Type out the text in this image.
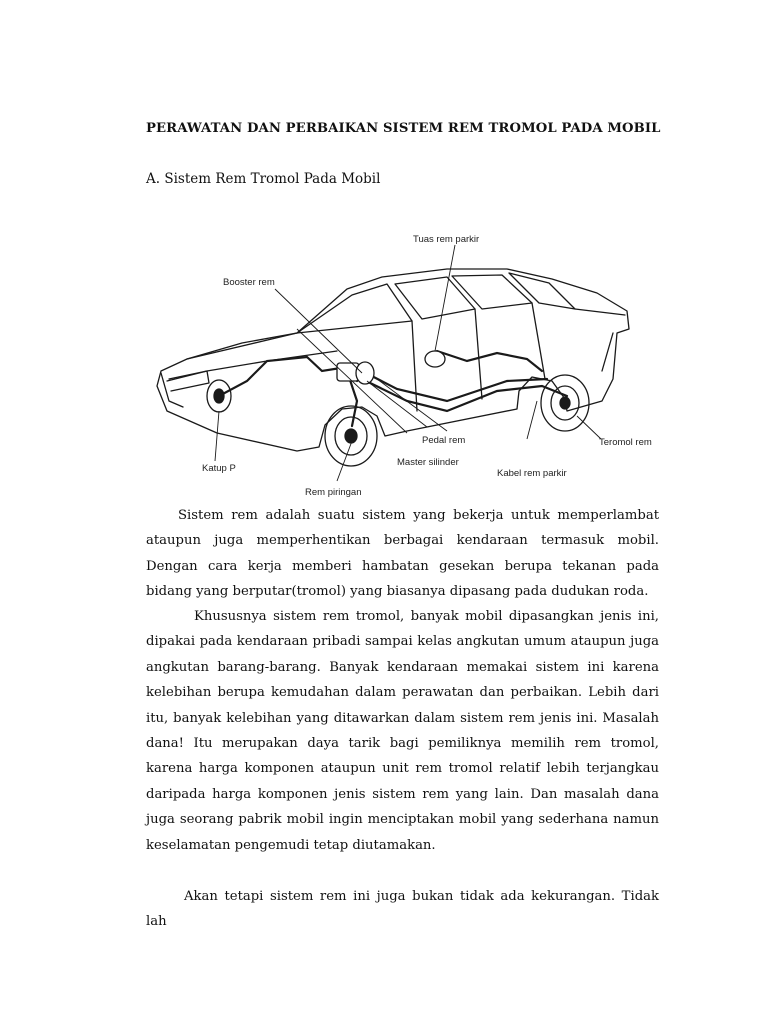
PERAWATAN DAN PERBAIKAN SISTEM REM TROMOL PADA MOBIL
A. Sistem Rem Tromol Pada Mobil
Tuas rem parkir
Booster rem
Pedal rem
Master silinder
Teromol rem
Kabel rem parkir
Katup P
Rem piringan

Sistem rem adalah suatu sistem yang bekerja untuk memperlambat ataupun juga memperhentikan berbagai kendaraan termasuk mobil. Dengan cara kerja memberi hambatan gesekan berupa tekanan pada bidang yang berputar(tromol) yang biasanya dipasang pada dudukan roda.

Khususnya sistem rem tromol, banyak mobil dipasangkan jenis ini, dipakai pada kendaraan pribadi sampai kelas angkutan umum ataupun juga angkutan barang-barang. Banyak kendaraan memakai sistem ini karena kelebihan berupa kemudahan dalam perawatan dan perbaikan. Lebih dari itu, banyak kelebihan yang ditawarkan dalam sistem rem jenis ini. Masalah dana! Itu merupakan daya tarik bagi pemiliknya memilih rem tromol, karena harga komponen ataupun unit rem tromol relatif lebih terjangkau daripada harga komponen jenis sistem rem yang lain. Dan masalah dana juga seorang pabrik mobil ingin menciptakan mobil yang sederhana namun keselamatan pengemudi tetap diutamakan.

Akan tetapi sistem rem ini juga bukan tidak ada kekurangan. Tidak lah
